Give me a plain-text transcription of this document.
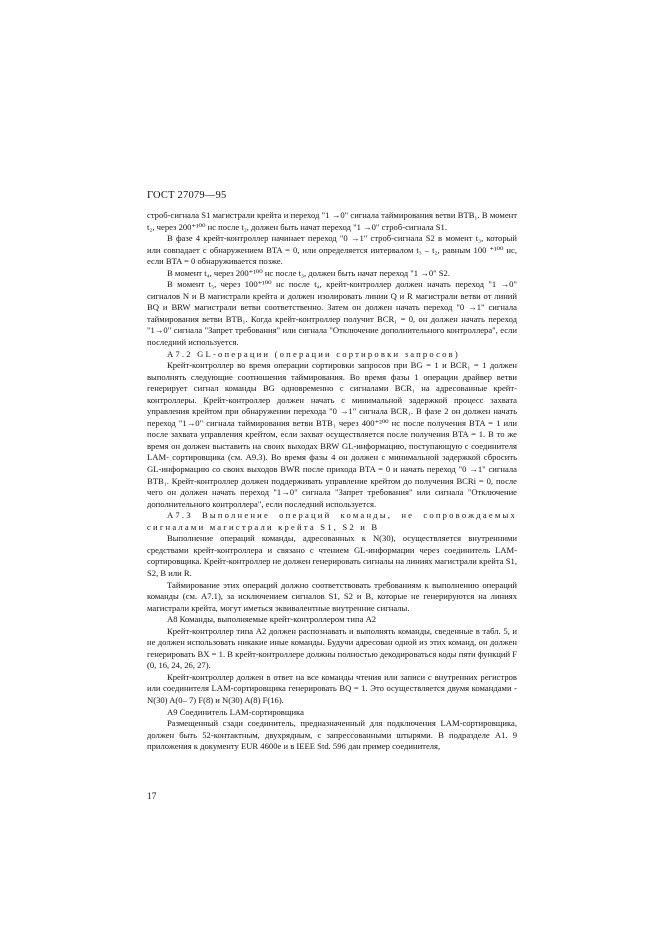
ГОСТ 27079—95

строб-сигнала S1 магистрали крейта и переход "1 →0" сигнала таймирования ветви BTB₁. В момент t₂, через 200⁺¹⁰⁰ нс после t₂, должен быть начат переход "1 →0" строб-сигнала S1.

В фазе 4 крейт-контроллер начинает переход "0 →1" строб-сигнала S2 в момент t₃, который или совпадает с обнаружением BTA = 0, или определяется интервалом t₃ – t₂, равным 100 ⁺¹⁰⁰ нс, если BTA = 0 обнаруживается позже.

В момент t₄, через 200⁺¹⁰⁰ нс после t₃, должен быть начат переход "1 →0" S2.

В момент t₅, через 100⁺¹⁰⁰ нс после t₄, крейт-контроллер должен начать переход "1 →0" сигналов N и B магистрали крейта и должен изолировать линии Q и R магистрали ветви от линий BQ и BRW магистрали ветви соответственно. Затем он должен начать переход "0 →1" сигнала таймирования ветви BTB₁. Когда крейт-контроллер получит BCR₁ = 0, он должен начать переход "1→0" сигнала "Запрет требования" или сигнала "Отключение дополнительного контроллера", если последний используется.

А7.2 GL-операции (операции сортировки запросов)

Крейт-контроллер во время операции сортировки запросов при BG = 1 и BCR₁ = 1 должен выполнять следующие соотношения таймирования. Во время фазы 1 операции драйвер ветви генерирует сигнал команды BG одновременно с сигналами BCR₁ на адресованные крейт-контроллеры. Крейт-контроллер должен начать с минимальной задержкой процесс захвата управления крейтом при обнаружении перехода "0 →1" сигнала BCR₁. В фазе 2 он должен начать переход "1→0" сигнала таймирования ветви BTB₁ через 400⁺²⁰⁰ нс после получения BTA = 1 или после захвата управления крейтом, если захват осуществляется после получения BTA = 1. В то же время он должен выставить на своих выходах BRW GL-информацию, поступающую с соединителя LAM- сортировщика (см. А9.3). Во время фазы 4 он должен с минимальной задержкой сбросить GL-информацию со своих выходов BWR после прихода BTA = 0 и начать переход "0 →1" сигнала BTB₁. Крейт-контроллер должен поддерживать управление крейтом до получения BCRi = 0, после чего он должен начать переход "1→0" сигнала "Запрет требования" или сигнала "Отключение дополнительного контроллера", если последний используется.

А7.3 Выполнение операций команды, не сопровождаемых сигналами магистрали крейта S1, S2 и B

Выполнение операций команды, адресованных к N(30), осуществляется внутренними средствами крейт-контроллера и связано с чтением GL-информации через соединитель LAM-сортировщика. Крейт-контроллер не должен генерировать сигналы на линиях магистрали крейта S1, S2, B или R.

Таймирование этих операций должно соответствовать требованиям к выполнению операций команды (см. А7.1), за исключением сигналов S1, S2 и B, которые не генерируются на линиях магистрали крейта, могут иметься эквивалентные внутренние сигналы.

А8 Команды, выполняемые крейт-контроллером типа А2

Крейт-контроллер типа А2 должен распознавать и выполнять команды, сведенные в табл. 5, и не должен использовать никакие иные команды. Будучи адресован одной из этих команд, он должен генерировать BX = 1. В крейт-контроллере должны полностью декодироваться коды пяти функций F (0, 16, 24, 26, 27).

Крейт-контроллер должен в ответ на все команды чтения или записи с внутренних регистров или соединителя LAM-сортировщика генерировать BQ = 1. Это осуществляется двумя командами - N(30) A(0– 7) F(8) и N(30) A(8) F(16).

А9 Соединитель LAM-сортировщика

Размещенный сзади соединитель, предназначенный для подключения LAM-сортировщика, должен быть 52-контактным, двухрядным, с запрессованными штырями. В подразделе А1. 9 приложения к документу EUR 4600е и в IEEE Std. 596 дан пример соединителя,

17
